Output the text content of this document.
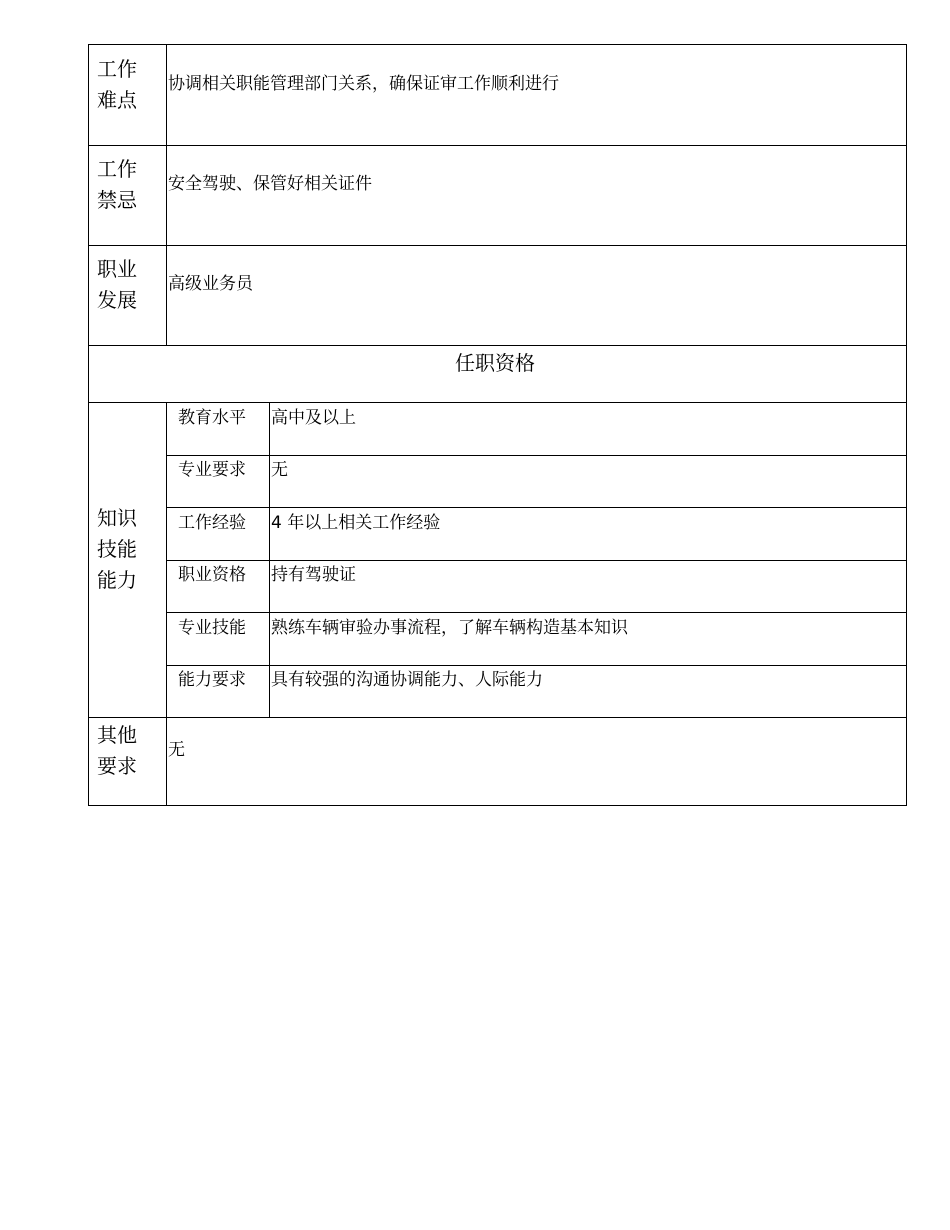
工作
难点
协调相关职能管理部门关系，确保证审工作顺利进行
工作
禁忌
安全驾驶、保管好相关证件
职业
发展
高级业务员
任职资格
知识
技能
能力
教育水平 高中及以上
专业要求 无
工作经验 4 年以上相关工作经验
职业资格 持有驾驶证
专业技能 熟练车辆审验办事流程，了解车辆构造基本知识
能力要求 具有较强的沟通协调能力、人际能力
其他
要求
无
